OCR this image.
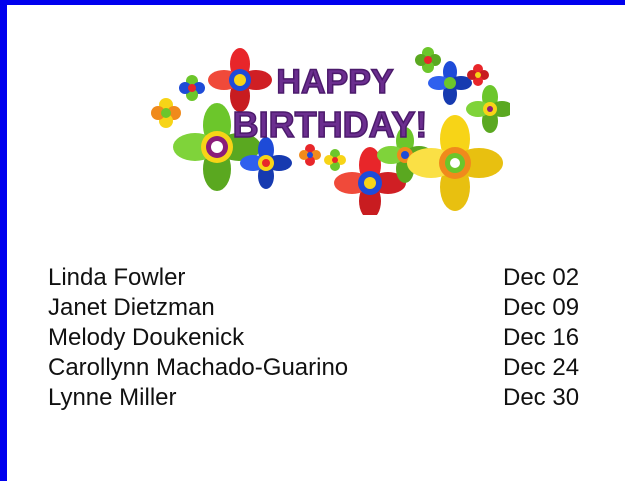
HAPPY
BIRTHDAY!
Linda Fowler	Dec 02
Janet Dietzman	Dec 09
Melody Doukenick	Dec 16
Carollynn Machado-Guarino	Dec 24
Lynne Miller	Dec 30
